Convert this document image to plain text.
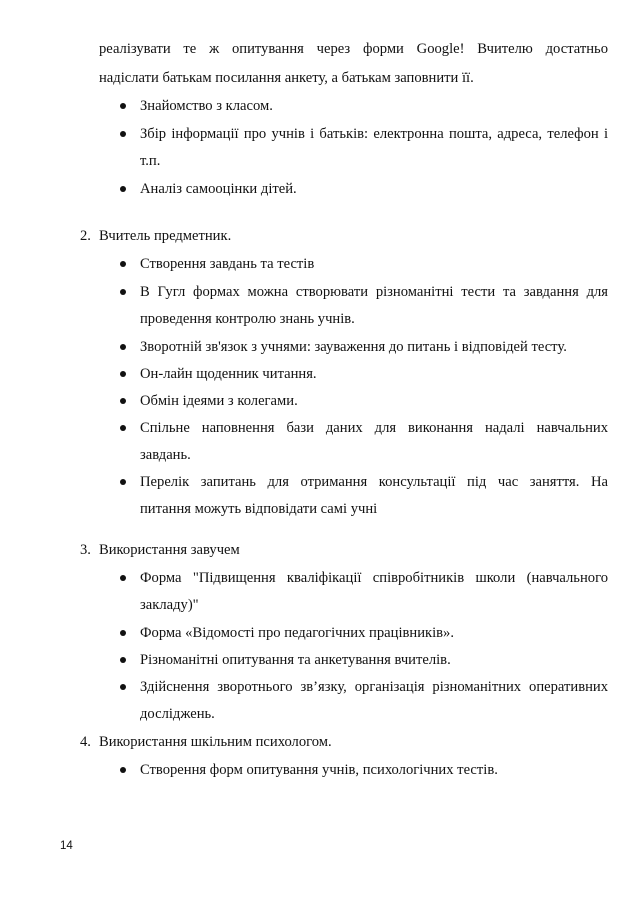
реалізувати те ж опитування через форми Google! Вчителю достатньо
надіслати батькам посилання анкету, а батькам заповнити її.
Знайомство з класом.
Збір інформації про учнів і батьків: електронна пошта, адреса, телефон і
т.п.
Аналіз самооцінки дітей.
2. Вчитель предметник.
Створення завдань та тестів
В Гугл формах можна створювати різноманітні тести та завдання для
проведення контролю знань учнів.
Зворотній зв'язок з учнями: зауваження до питань і відповідей тесту.
Он-лайн щоденник читання.
Обмін ідеями з колегами.
Спільне наповнення бази даних для виконання надалі навчальних
завдань.
Перелік запитань для отримання консультації під час заняття. На
питання можуть відповідати самі учні
3. Використання завучем
Форма "Підвищення кваліфікації співробітників школи (навчального
закладу)"
Форма «Відомості про педагогічних працівників».
Різноманітні опитування та анкетування вчителів.
Здійснення зворотнього зв’язку, організація різноманітних оперативних
досліджень.
4. Використання шкільним психологом.
Створення форм опитування учнів, психологічних тестів.
14
